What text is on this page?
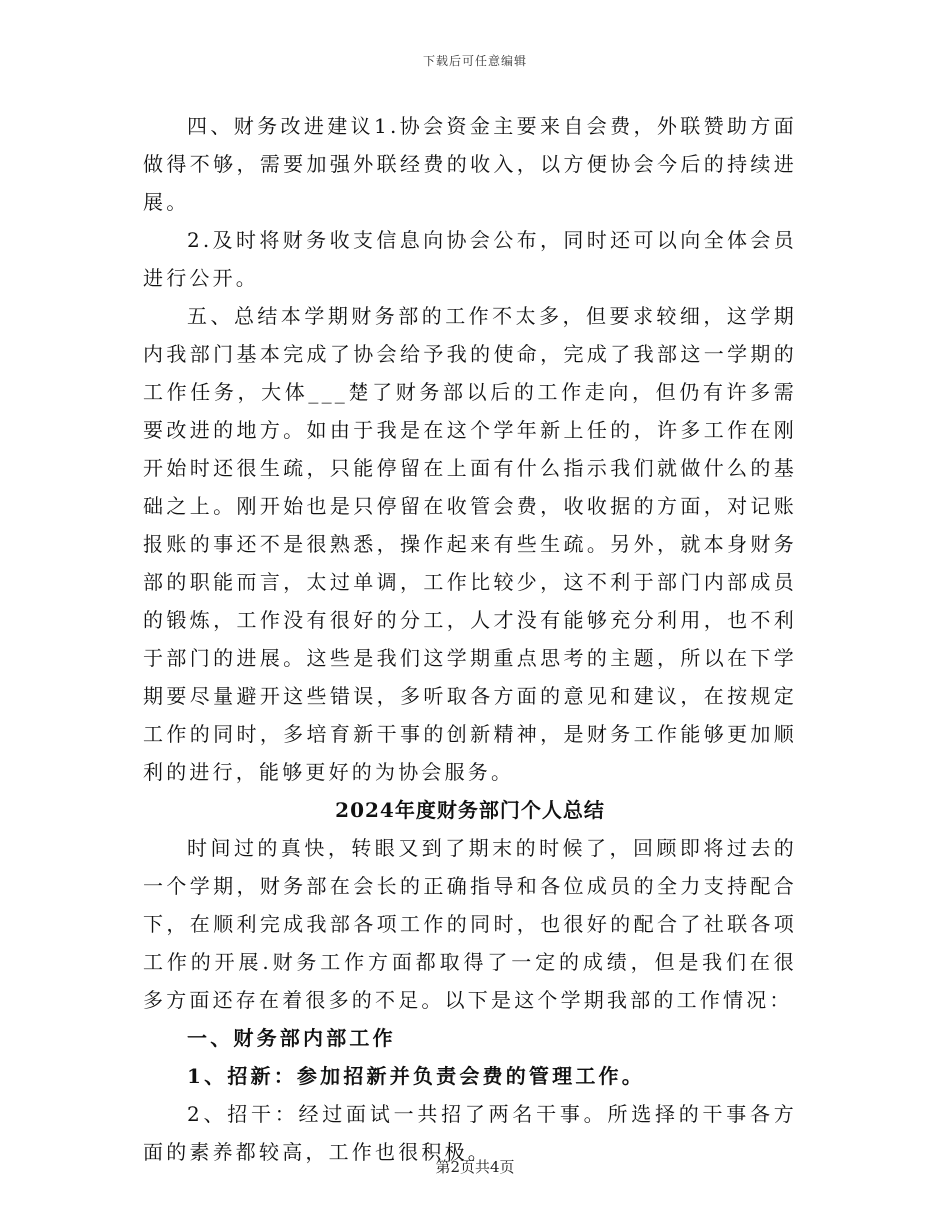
下载后可任意编辑

四、财务改进建议1.协会资金主要来自会费，外联赞助方面做得不够，需要加强外联经费的收入，以方便协会今后的持续进展。

2.及时将财务收支信息向协会公布，同时还可以向全体会员进行公开。

五、总结本学期财务部的工作不太多，但要求较细，这学期内我部门基本完成了协会给予我的使命，完成了我部这一学期的工作任务，大体___楚了财务部以后的工作走向，但仍有许多需要改进的地方。如由于我是在这个学年新上任的，许多工作在刚开始时还很生疏，只能停留在上面有什么指示我们就做什么的基础之上。刚开始也是只停留在收管会费，收收据的方面，对记账报账的事还不是很熟悉，操作起来有些生疏。另外，就本身财务部的职能而言，太过单调，工作比较少，这不利于部门内部成员的锻炼，工作没有很好的分工，人才没有能够充分利用，也不利于部门的进展。这些是我们这学期重点思考的主题，所以在下学期要尽量避开这些错误，多听取各方面的意见和建议，在按规定工作的同时，多培育新干事的创新精神，是财务工作能够更加顺利的进行，能够更好的为协会服务。

2024年度财务部门个人总结

时间过的真快，转眼又到了期末的时候了，回顾即将过去的一个学期，财务部在会长的正确指导和各位成员的全力支持配合下，在顺利完成我部各项工作的同时，也很好的配合了社联各项工作的开展.财务工作方面都取得了一定的成绩，但是我们在很多方面还存在着很多的不足。以下是这个学期我部的工作情况：

一、财务部内部工作

1、招新：参加招新并负责会费的管理工作。

2、招干：经过面试一共招了两名干事。所选择的干事各方面的素养都较高，工作也很积极。

第2页共4页
